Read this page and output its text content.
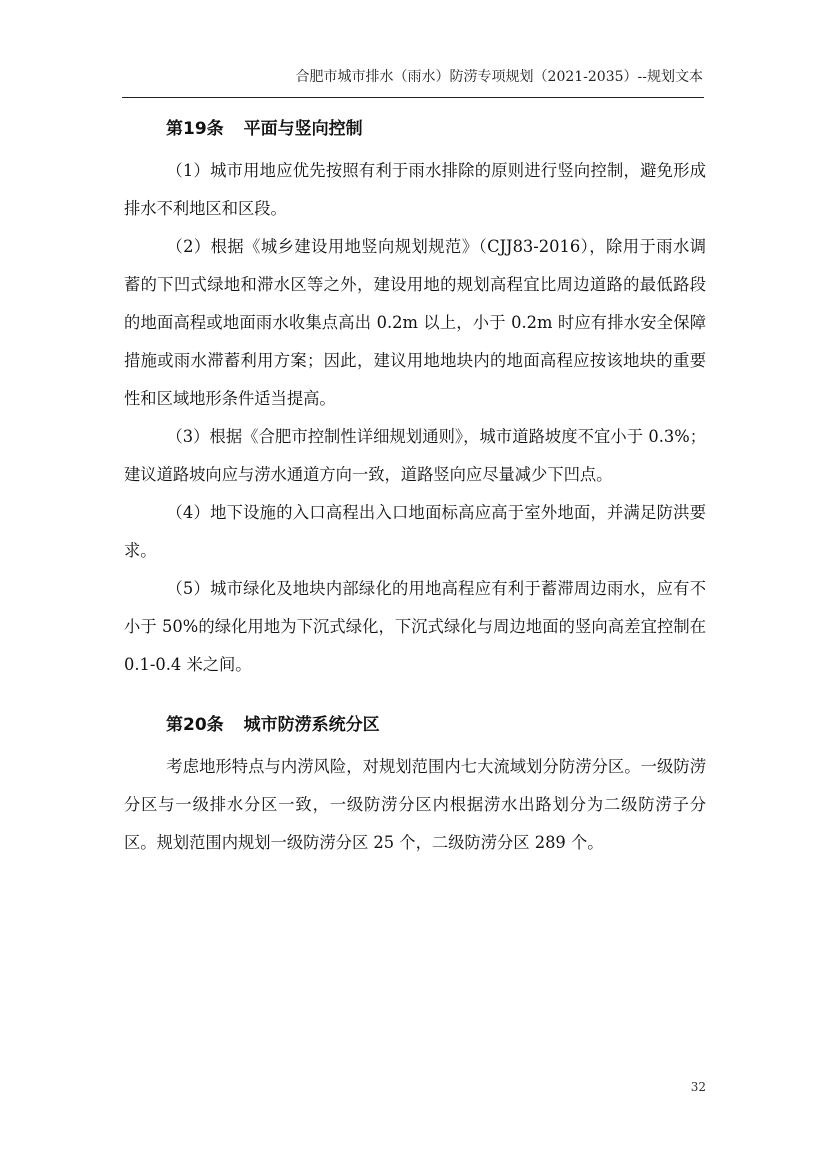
合肥市城市排水（雨水）防涝专项规划（2021-2035）--规划文本
第19条 平面与竖向控制

（1）城市用地应优先按照有利于雨水排除的原则进行竖向控制，避免形成排水不利地区和区段。

（2）根据《城乡建设用地竖向规划规范》（CJJ83-2016），除用于雨水调蓄的下凹式绿地和滞水区等之外，建设用地的规划高程宜比周边道路的最低路段的地面高程或地面雨水收集点高出 0.2m 以上，小于 0.2m 时应有排水安全保障措施或雨水滞蓄利用方案；因此，建议用地地块内的地面高程应按该地块的重要性和区域地形条件适当提高。

（3）根据《合肥市控制性详细规划通则》，城市道路坡度不宜小于 0.3%；建议道路坡向应与涝水通道方向一致，道路竖向应尽量减少下凹点。

（4）地下设施的入口高程出入口地面标高应高于室外地面，并满足防洪要求。

（5）城市绿化及地块内部绿化的用地高程应有利于蓄滞周边雨水，应有不小于 50%的绿化用地为下沉式绿化，下沉式绿化与周边地面的竖向高差宜控制在 0.1-0.4 米之间。

第20条 城市防涝系统分区

考虑地形特点与内涝风险，对规划范围内七大流域划分防涝分区。一级防涝分区与一级排水分区一致，一级防涝分区内根据涝水出路划分为二级防涝子分区。规划范围内规划一级防涝分区 25 个，二级防涝分区 289 个。

32
